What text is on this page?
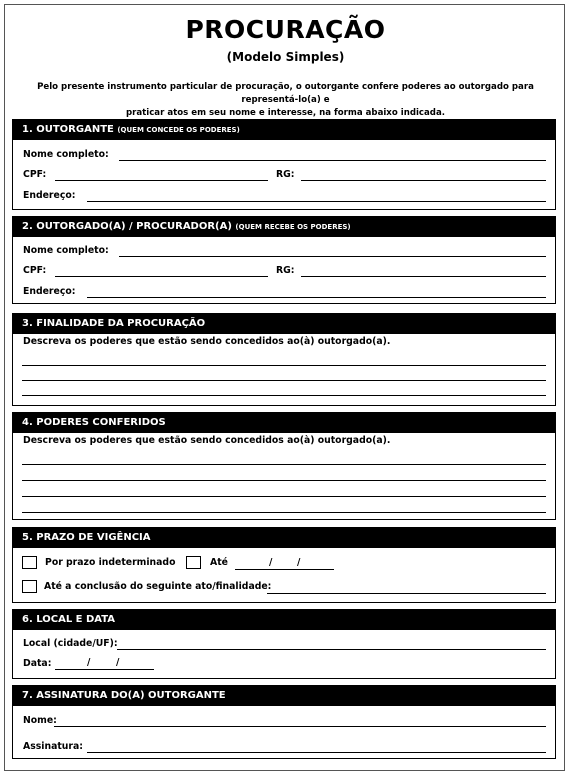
PROCURAÇÃO
(Modelo Simples)
Pelo presente instrumento particular de procuração, o outorgante confere poderes ao outorgado para representá-lo(a) e
praticar atos em seu nome e interesse, na forma abaixo indicada.
1. OUTORGANTE (QUEM CONCEDE OS PODERES)
Nome completo:
CPF:	RG:
Endereço:
2. OUTORGADO(A) / PROCURADOR(A) (QUEM RECEBE OS PODERES)
Nome completo:
CPF:	RG:
Endereço:
3. FINALIDADE DA PROCURAÇÃO
Descreva os poderes que estão sendo concedidos ao(à) outorgado(a).
4. PODERES CONFERIDOS
Descreva os poderes que estão sendo concedidos ao(à) outorgado(a).
5. PRAZO DE VIGÊNCIA
Por prazo indeterminado	Até	/	/
Até a conclusão do seguinte ato/finalidade:
6. LOCAL E DATA
Local (cidade/UF):
Data:	/	/
7. ASSINATURA DO(A) OUTORGANTE
Nome:
Assinatura:
